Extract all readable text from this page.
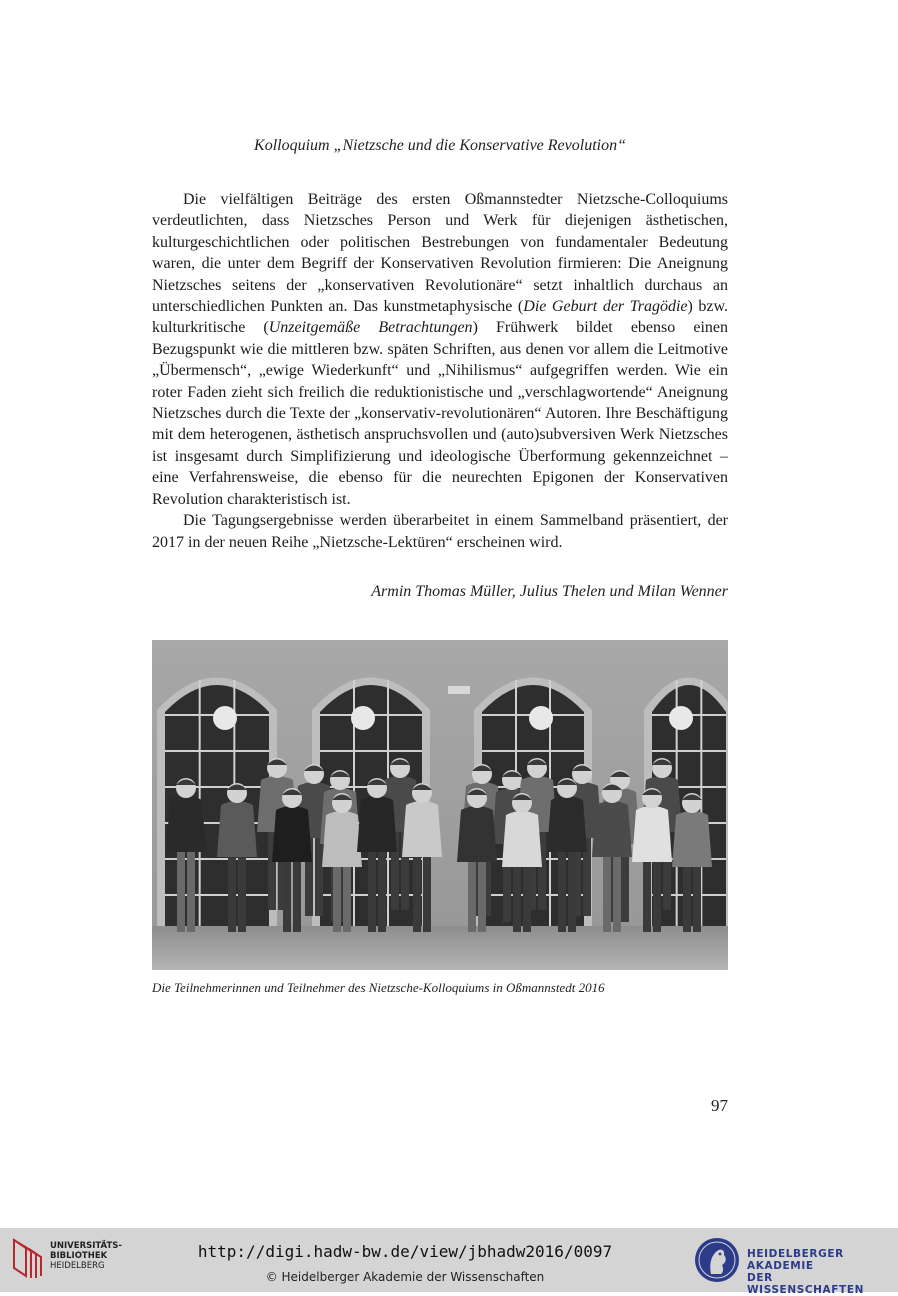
Kolloquium „Nietzsche und die Konservative Revolution“

Die vielfältigen Beiträge des ersten Oßmannstedter Nietzsche-Colloquiums verdeutlichten, dass Nietzsches Person und Werk für diejenigen ästhetischen, kulturgeschichtlichen oder politischen Bestrebungen von fundamentaler Bedeutung waren, die unter dem Begriff der Konservativen Revolution firmieren: Die Aneignung Nietzsches seitens der „konservativen Revolutionäre“ setzt inhaltlich durchaus an unterschiedlichen Punkten an. Das kunstmetaphysische (Die Geburt der Tragödie) bzw. kulturkritische (Unzeitgemäße Betrachtungen) Frühwerk bildet ebenso einen Bezugspunkt wie die mittleren bzw. späten Schriften, aus denen vor allem die Leitmotive „Übermensch“, „ewige Wiederkunft“ und „Nihilismus“ aufgegriffen werden. Wie ein roter Faden zieht sich freilich die reduktionistische und „verschlagwortende“ Aneignung Nietzsches durch die Texte der „konservativ-revolutionären“ Autoren. Ihre Beschäftigung mit dem heterogenen, ästhetisch anspruchsvollen und (auto)subversiven Werk Nietzsches ist insgesamt durch Simplifizierung und ideologische Überformung gekennzeichnet – eine Verfahrensweise, die ebenso für die neurechten Epigonen der Konservativen Revolution charakteristisch ist.

Die Tagungsergebnisse werden überarbeitet in einem Sammelband präsentiert, der 2017 in der neuen Reihe „Nietzsche-Lektüren“ erscheinen wird.

Armin Thomas Müller, Julius Thelen und Milan Wenner
Die Teilnehmerinnen und Teilnehmer des Nietzsche-Kolloquiums in Oßmannstedt 2016
97
UNIVERSITÄTS-
BIBLIOTHEK
HEIDELBERG
http://digi.hadw-bw.de/view/jbhadw2016/0097
© Heidelberger Akademie der Wissenschaften
HEIDELBERGER AKADEMIE
DER WISSENSCHAFTEN
